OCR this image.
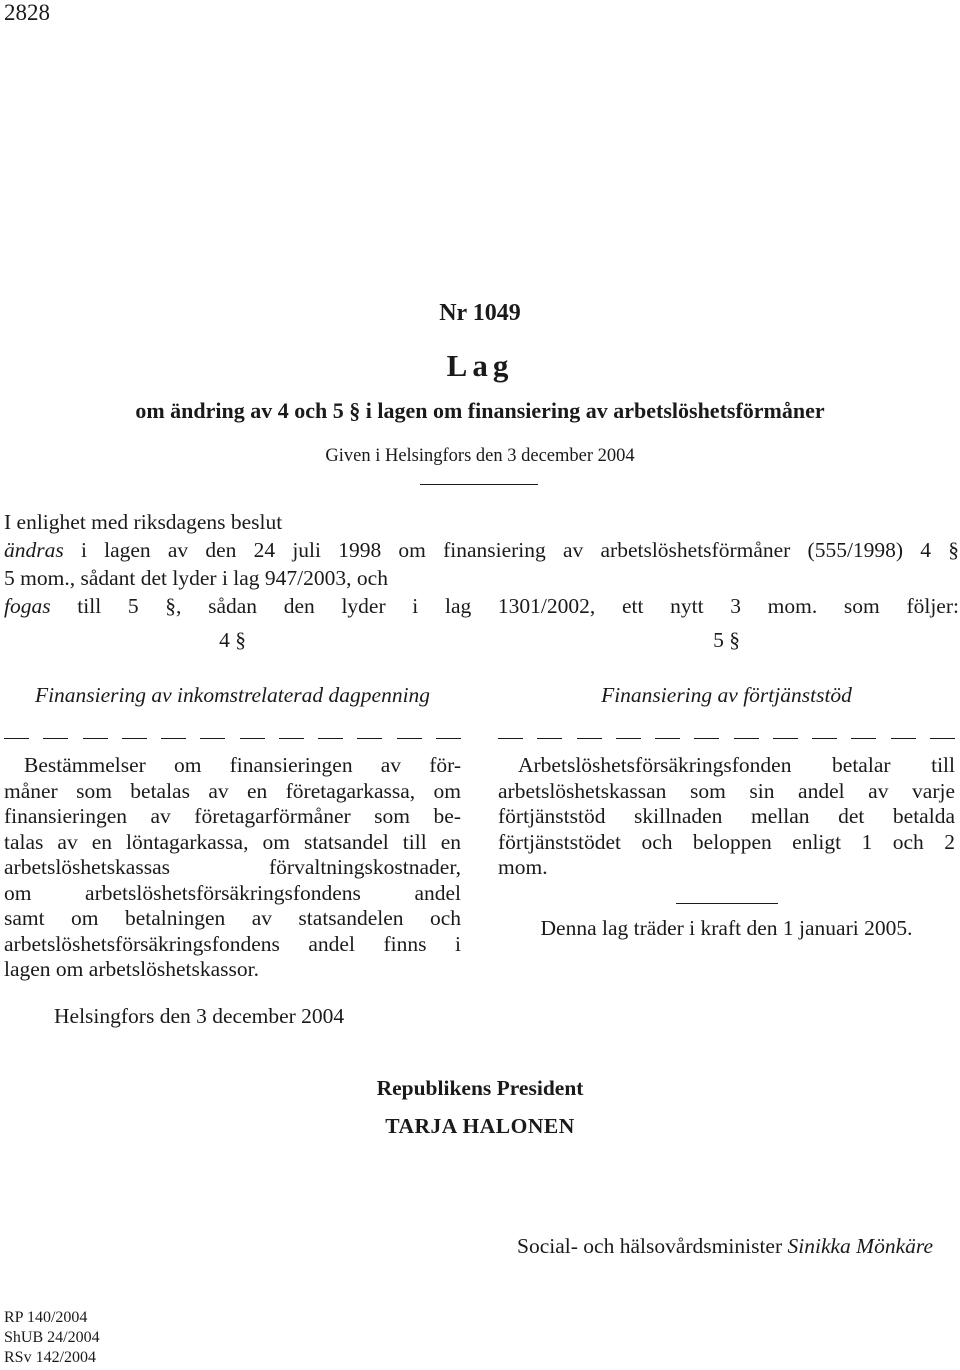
2828
Nr 1049
Lag
om ändring av 4 och 5 § i lagen om finansiering av arbetslöshetsförmåner
Given i Helsingfors den 3 december 2004

I enlighet med riksdagens beslut

ändras i lagen av den 24 juli 1998 om finansiering av arbetslöshetsförmåner (555/1998) 4 §

5 mom., sådant det lyder i lag 947/2003, och

fogas till 5 §, sådan den lyder i lag 1301/2002, ett nytt 3 mom. som följer:

4 §
Finansiering av inkomstrelaterad dagpenning
Bestämmelser om finansieringen av för-
måner som betalas av en företagarkassa, om
finansieringen av företagarförmåner som be-
talas av en löntagarkassa, om statsandel till en
arbetslöshetskassas förvaltningskostnader,
om arbetslöshetsförsäkringsfondens andel
samt om betalningen av statsandelen och
arbetslöshetsförsäkringsfondens andel finns i
lagen om arbetslöshetskassor.
5 §
Finansiering av förtjänststöd
Arbetslöshetsförsäkringsfonden betalar till
arbetslöshetskassan som sin andel av varje
förtjänststöd skillnaden mellan det betalda
förtjänststödet och beloppen enligt 1 och 2
mom.
Denna lag träder i kraft den 1 januari 2005.
Helsingfors den 3 december 2004
Republikens President
TARJA HALONEN
Social- och hälsovårdsminister Sinikka Mönkäre
RP 140/2004
ShUB 24/2004
RSv 142/2004
